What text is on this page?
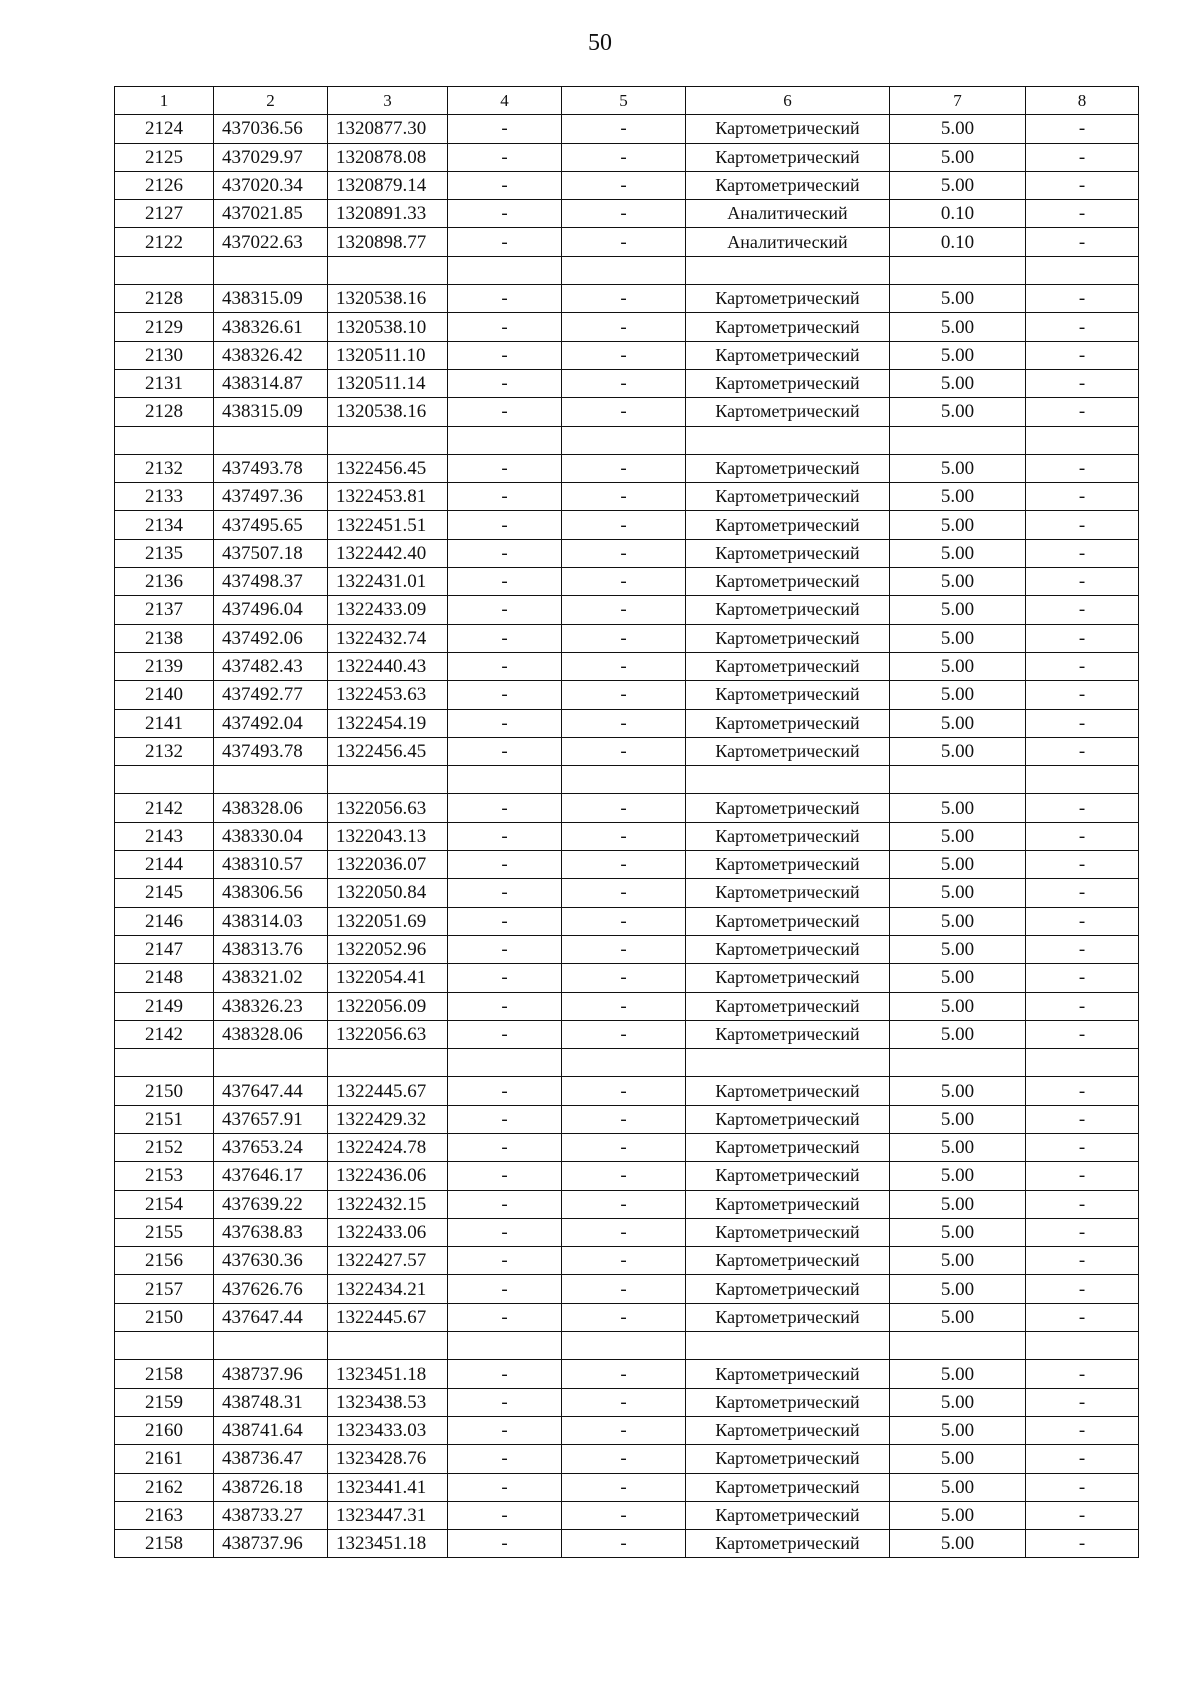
50
1	2	3	4	5	6	7	8
2124	437036.56	1320877.30	-	-	Картометрический	5.00	-
2125	437029.97	1320878.08	-	-	Картометрический	5.00	-
2126	437020.34	1320879.14	-	-	Картометрический	5.00	-
2127	437021.85	1320891.33	-	-	Аналитический	0.10	-
2122	437022.63	1320898.77	-	-	Аналитический	0.10	-

2128	438315.09	1320538.16	-	-	Картометрический	5.00	-
2129	438326.61	1320538.10	-	-	Картометрический	5.00	-
2130	438326.42	1320511.10	-	-	Картометрический	5.00	-
2131	438314.87	1320511.14	-	-	Картометрический	5.00	-
2128	438315.09	1320538.16	-	-	Картометрический	5.00	-

2132	437493.78	1322456.45	-	-	Картометрический	5.00	-
2133	437497.36	1322453.81	-	-	Картометрический	5.00	-
2134	437495.65	1322451.51	-	-	Картометрический	5.00	-
2135	437507.18	1322442.40	-	-	Картометрический	5.00	-
2136	437498.37	1322431.01	-	-	Картометрический	5.00	-
2137	437496.04	1322433.09	-	-	Картометрический	5.00	-
2138	437492.06	1322432.74	-	-	Картометрический	5.00	-
2139	437482.43	1322440.43	-	-	Картометрический	5.00	-
2140	437492.77	1322453.63	-	-	Картометрический	5.00	-
2141	437492.04	1322454.19	-	-	Картометрический	5.00	-
2132	437493.78	1322456.45	-	-	Картометрический	5.00	-

2142	438328.06	1322056.63	-	-	Картометрический	5.00	-
2143	438330.04	1322043.13	-	-	Картометрический	5.00	-
2144	438310.57	1322036.07	-	-	Картометрический	5.00	-
2145	438306.56	1322050.84	-	-	Картометрический	5.00	-
2146	438314.03	1322051.69	-	-	Картометрический	5.00	-
2147	438313.76	1322052.96	-	-	Картометрический	5.00	-
2148	438321.02	1322054.41	-	-	Картометрический	5.00	-
2149	438326.23	1322056.09	-	-	Картометрический	5.00	-
2142	438328.06	1322056.63	-	-	Картометрический	5.00	-

2150	437647.44	1322445.67	-	-	Картометрический	5.00	-
2151	437657.91	1322429.32	-	-	Картометрический	5.00	-
2152	437653.24	1322424.78	-	-	Картометрический	5.00	-
2153	437646.17	1322436.06	-	-	Картометрический	5.00	-
2154	437639.22	1322432.15	-	-	Картометрический	5.00	-
2155	437638.83	1322433.06	-	-	Картометрический	5.00	-
2156	437630.36	1322427.57	-	-	Картометрический	5.00	-
2157	437626.76	1322434.21	-	-	Картометрический	5.00	-
2150	437647.44	1322445.67	-	-	Картометрический	5.00	-

2158	438737.96	1323451.18	-	-	Картометрический	5.00	-
2159	438748.31	1323438.53	-	-	Картометрический	5.00	-
2160	438741.64	1323433.03	-	-	Картометрический	5.00	-
2161	438736.47	1323428.76	-	-	Картометрический	5.00	-
2162	438726.18	1323441.41	-	-	Картометрический	5.00	-
2163	438733.27	1323447.31	-	-	Картометрический	5.00	-
2158	438737.96	1323451.18	-	-	Картометрический	5.00	-
